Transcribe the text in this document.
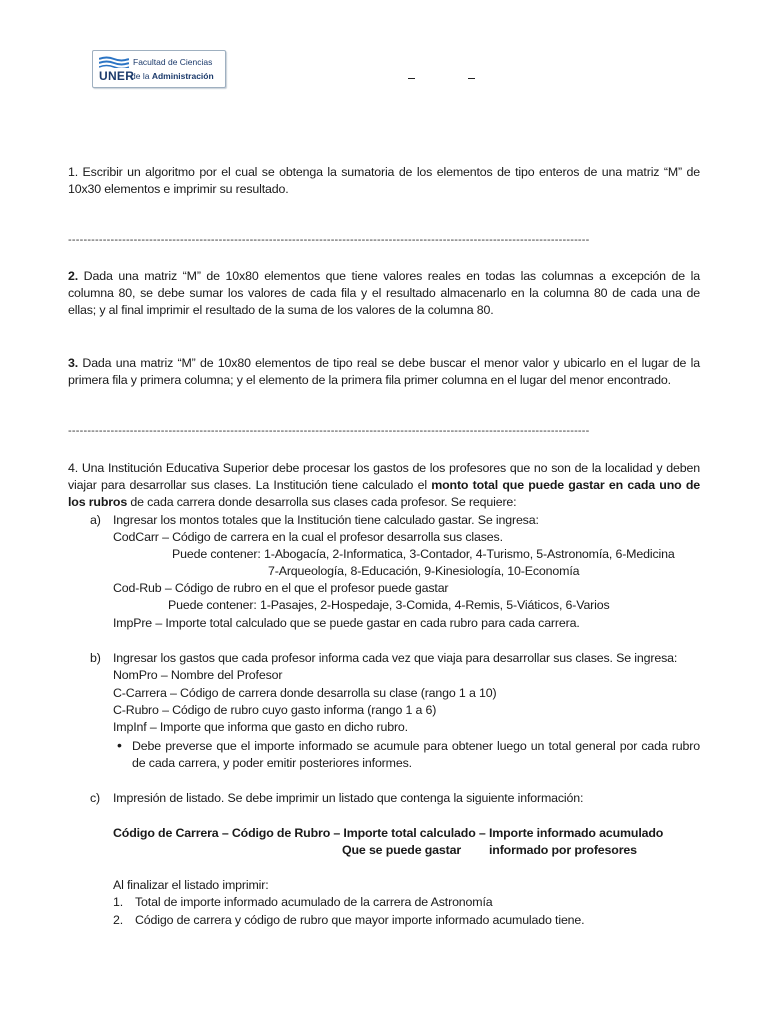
UNER
Facultad de Ciencias
de la Administración
1. Escribir un algoritmo por el cual se obtenga la sumatoria de los elementos de tipo enteros de una matriz “M” de 10x30 elementos e imprimir su resultado.
---------------------------------------------------------------------------------------------------------------------------------------
2. Dada una matriz “M” de 10x80 elementos que tiene valores reales en todas las columnas a excepción de la columna 80, se debe sumar los valores de cada fila y el resultado almacenarlo en la columna 80 de cada una de ellas; y al final imprimir el resultado de la suma de los valores de la columna 80.
3. Dada una matriz “M” de 10x80 elementos de tipo real se debe buscar el menor valor y ubicarlo en el lugar de la primera fila y primera columna; y el elemento de la primera fila primer columna en el lugar del menor encontrado.
---------------------------------------------------------------------------------------------------------------------------------------
4. Una Institución Educativa Superior debe procesar los gastos de los profesores que no son de la localidad y deben viajar para desarrollar sus clases. La Institución tiene calculado el monto total que puede gastar en cada uno de los rubros de cada carrera donde desarrolla sus clases cada profesor. Se requiere:
a) Ingresar los montos totales que la Institución tiene calculado gastar. Se ingresa:
CodCarr – Código de carrera en la cual el profesor desarrolla sus clases.
Puede contener: 1-Abogacía, 2-Informatica, 3-Contador, 4-Turismo, 5-Astronomía, 6-Medicina
7-Arqueología, 8-Educación, 9-Kinesiología, 10-Economía
Cod-Rub – Código de rubro en el que el profesor puede gastar
Puede contener: 1-Pasajes, 2-Hospedaje, 3-Comida, 4-Remis, 5-Viáticos, 6-Varios
ImpPre – Importe total calculado que se puede gastar en cada rubro para cada carrera.
b) Ingresar los gastos que cada profesor informa cada vez que viaja para desarrollar sus clases. Se ingresa:
NomPro – Nombre del Profesor
C-Carrera – Código de carrera donde desarrolla su clase (rango 1 a 10)
C-Rubro – Código de rubro cuyo gasto informa (rango 1 a 6)
ImpInf – Importe que informa que gasto en dicho rubro.
• Debe preverse que el importe informado se acumule para obtener luego un total general por cada rubro de cada carrera, y poder emitir posteriores informes.
c) Impresión de listado. Se debe imprimir un listado que contenga la siguiente información:
Código de Carrera – Código de Rubro – Importe total calculado – Importe informado acumulado
Que se puede gastar informado por profesores
Al finalizar el listado imprimir:
1. Total de importe informado acumulado de la carrera de Astronomía
2. Código de carrera y código de rubro que mayor importe informado acumulado tiene.
